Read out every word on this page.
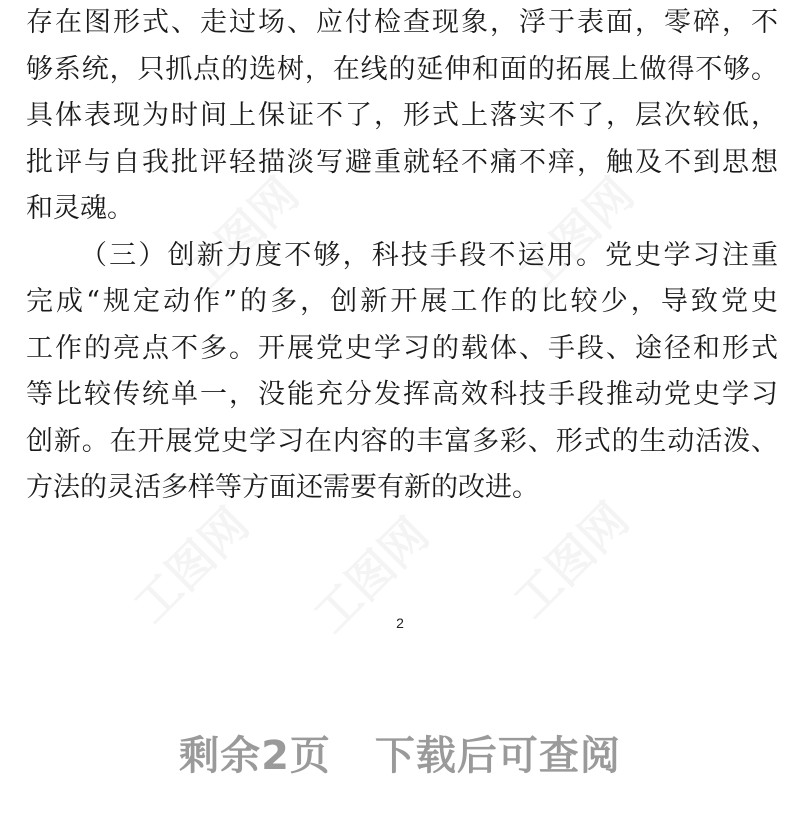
存在图形式、走过场、应付检查现象，浮于表面，零碎，不
够系统，只抓点的选树，在线的延伸和面的拓展上做得不够。
具体表现为时间上保证不了，形式上落实不了，层次较低，
批评与自我批评轻描淡写避重就轻不痛不痒，触及不到思想
和灵魂。
（三）创新力度不够，科技手段不运用。党史学习注重
完成“规定动作”的多，创新开展工作的比较少，导致党史
工作的亮点不多。开展党史学习的载体、手段、途径和形式
等比较传统单一，没能充分发挥高效科技手段推动党史学习
创新。在开展党史学习在内容的丰富多彩、形式的生动活泼、
方法的灵活多样等方面还需要有新的改进。
2
剩余2页 下载后可查阅
